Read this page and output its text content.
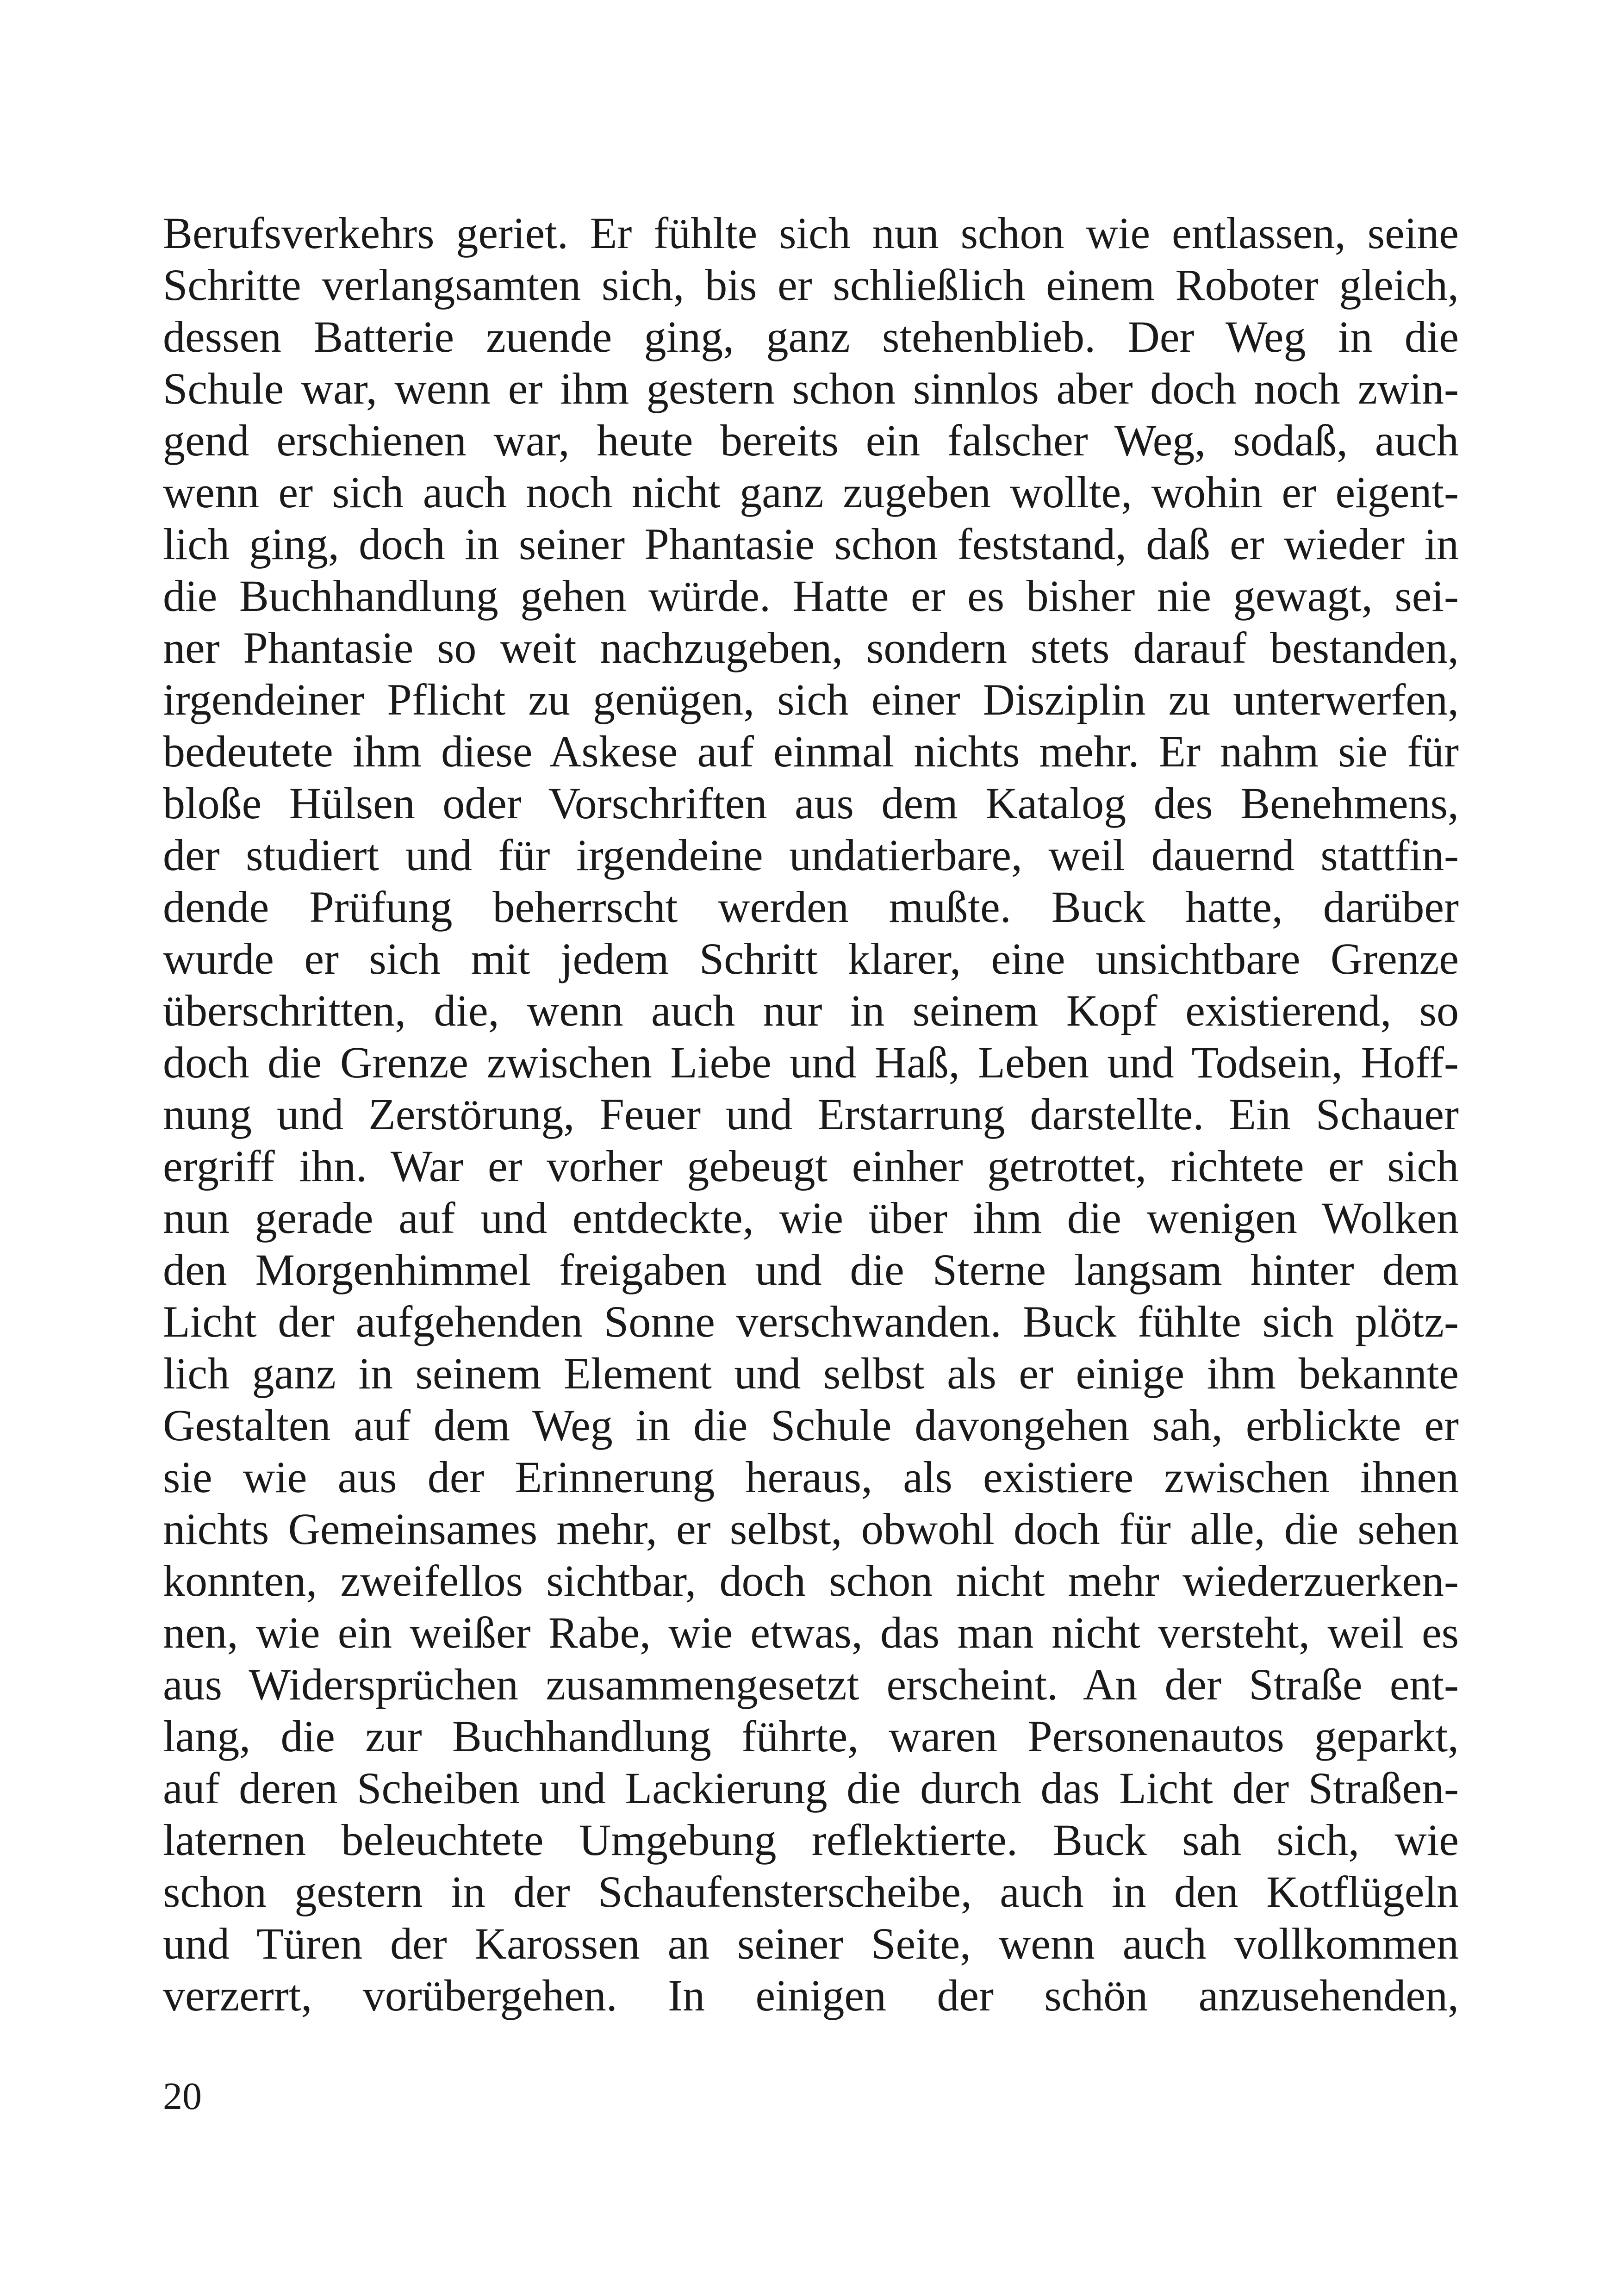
Berufsverkehrs geriet. Er fühlte sich nun schon wie entlassen, seine
Schritte verlangsamten sich, bis er schließlich einem Roboter gleich,
dessen Batterie zuende ging, ganz stehenblieb. Der Weg in die
Schule war, wenn er ihm gestern schon sinnlos aber doch noch zwin-
gend erschienen war, heute bereits ein falscher Weg, sodaß, auch
wenn er sich auch noch nicht ganz zugeben wollte, wohin er eigent-
lich ging, doch in seiner Phantasie schon feststand, daß er wieder in
die Buchhandlung gehen würde. Hatte er es bisher nie gewagt, sei-
ner Phantasie so weit nachzugeben, sondern stets darauf bestanden,
irgendeiner Pflicht zu genügen, sich einer Disziplin zu unterwerfen,
bedeutete ihm diese Askese auf einmal nichts mehr. Er nahm sie für
bloße Hülsen oder Vorschriften aus dem Katalog des Benehmens,
der studiert und für irgendeine undatierbare, weil dauernd stattfin-
dende Prüfung beherrscht werden mußte. Buck hatte, darüber
wurde er sich mit jedem Schritt klarer, eine unsichtbare Grenze
überschritten, die, wenn auch nur in seinem Kopf existierend, so
doch die Grenze zwischen Liebe und Haß, Leben und Todsein, Hoff-
nung und Zerstörung, Feuer und Erstarrung darstellte. Ein Schauer
ergriff ihn. War er vorher gebeugt einher getrottet, richtete er sich
nun gerade auf und entdeckte, wie über ihm die wenigen Wolken
den Morgenhimmel freigaben und die Sterne langsam hinter dem
Licht der aufgehenden Sonne verschwanden. Buck fühlte sich plötz-
lich ganz in seinem Element und selbst als er einige ihm bekannte
Gestalten auf dem Weg in die Schule davongehen sah, erblickte er
sie wie aus der Erinnerung heraus, als existiere zwischen ihnen
nichts Gemeinsames mehr, er selbst, obwohl doch für alle, die sehen
konnten, zweifellos sichtbar, doch schon nicht mehr wiederzuerken-
nen, wie ein weißer Rabe, wie etwas, das man nicht versteht, weil es
aus Widersprüchen zusammengesetzt erscheint. An der Straße ent-
lang, die zur Buchhandlung führte, waren Personenautos geparkt,
auf deren Scheiben und Lackierung die durch das Licht der Straßen-
laternen beleuchtete Umgebung reflektierte. Buck sah sich, wie
schon gestern in der Schaufensterscheibe, auch in den Kotflügeln
und Türen der Karossen an seiner Seite, wenn auch vollkommen
verzerrt, vorübergehen. In einigen der schön anzusehenden,
20
